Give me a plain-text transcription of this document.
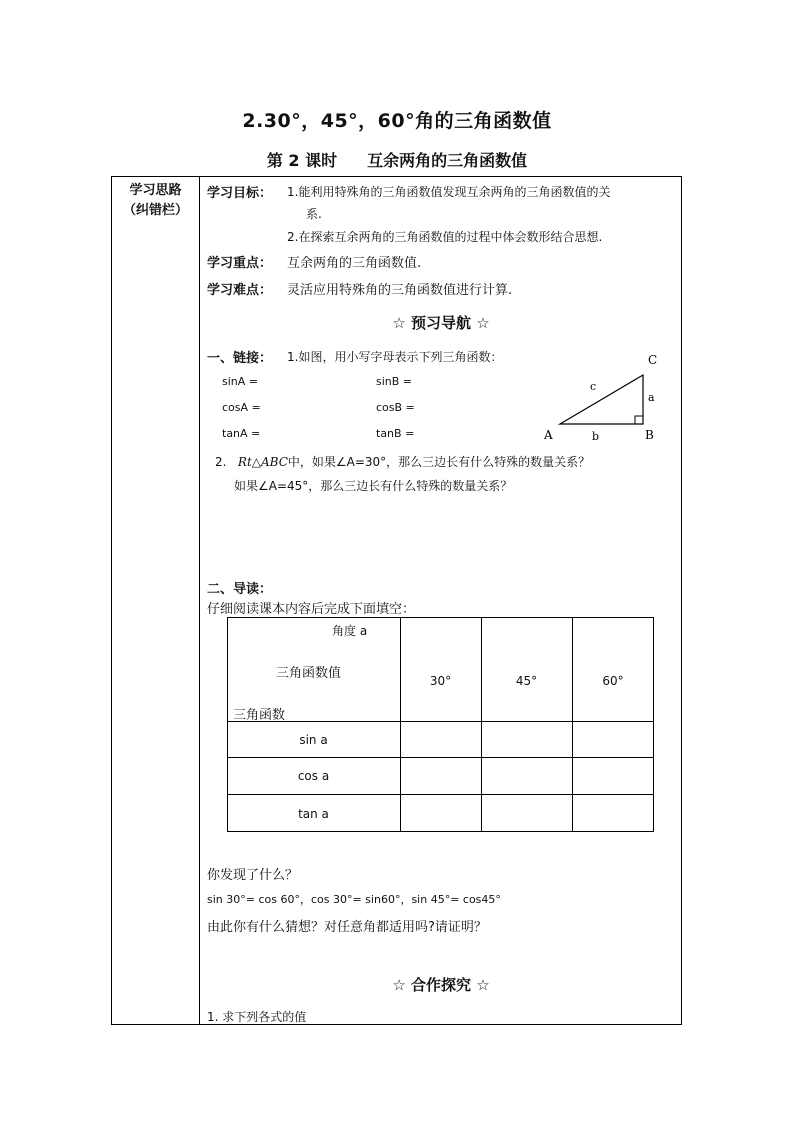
2.30°，45°，60°角的三角函数值
第 2 课时 互余两角的三角函数值
学习思路
（纠错栏）
学习目标： 1.能利用特殊角的三角函数值发现互余两角的三角函数值的关
系.
2.在探索互余两角的三角函数值的过程中体会数形结合思想.
学习重点： 互余两角的三角函数值.
学习难点： 灵活应用特殊角的三角函数值进行计算.
☆ 预习导航 ☆
一、链接： 1.如图，用小写字母表示下列三角函数：
sinA =	sinB =
cosA =	cosB =
tanA =	tanB =
C
c
a
A	b	B
2. Rt△ABC中，如果∠A=30°，那么三边长有什么特殊的数量关系？
如果∠A=45°，那么三边长有什么特殊的数量关系？
二、导读：
仔细阅读课本内容后完成下面填空：
角度 a
三角函数值
三角函数
30°	45°	60°
sin a
cos a
tan a
你发现了什么？
sin 30°= cos 60°，cos 30°= sin60°，sin 45°= cos45°
由此你有什么猜想？对任意角都适用吗?请证明？
☆ 合作探究 ☆
1. 求下列各式的值
